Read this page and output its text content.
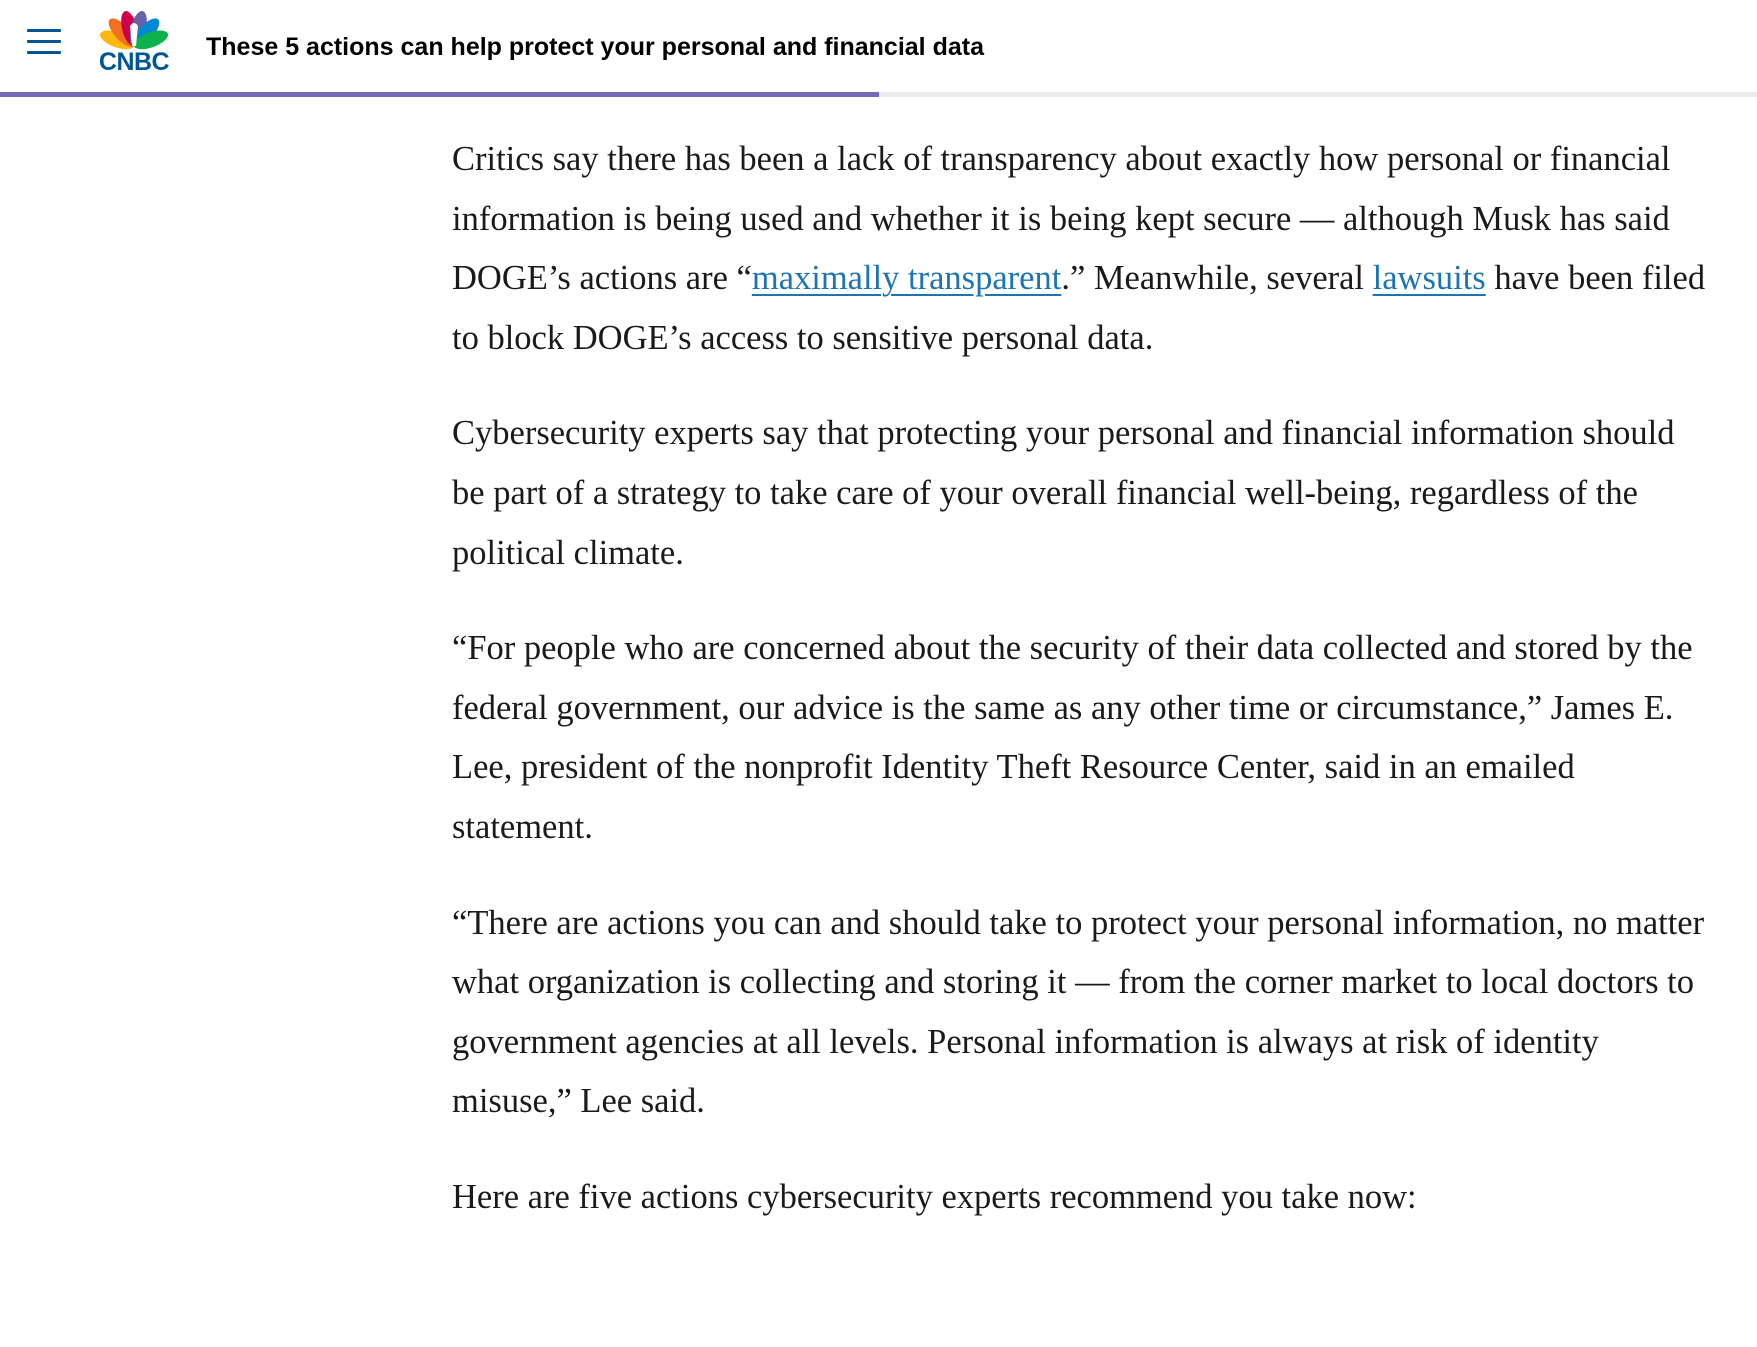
CNBC
These 5 actions can help protect your personal and financial data

Critics say there has been a lack of transparency about exactly how personal or financial information is being used and whether it is being kept secure — although Musk has said DOGE’s actions are “maximally transparent.” Meanwhile, several lawsuits have been filed to block DOGE’s access to sensitive personal data.

Cybersecurity experts say that protecting your personal and financial information should be part of a strategy to take care of your overall financial well-being, regardless of the political climate.

“For people who are concerned about the security of their data collected and stored by the federal government, our advice is the same as any other time or circumstance,” James E. Lee, president of the nonprofit Identity Theft Resource Center, said in an emailed statement.

“There are actions you can and should take to protect your personal information, no matter what organization is collecting and storing it — from the corner market to local doctors to government agencies at all levels. Personal information is always at risk of identity misuse,” Lee said.

Here are five actions cybersecurity experts recommend you take now:
